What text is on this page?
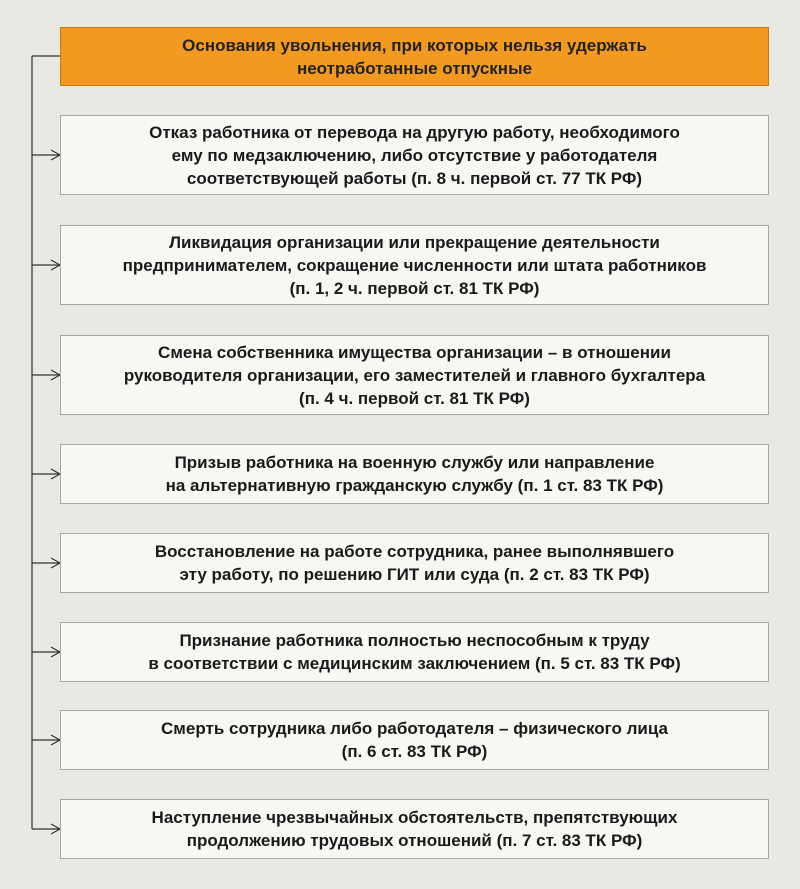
Основания увольнения, при которых нельзя удержать
неотработанные отпускные
Отказ работника от перевода на другую работу, необходимого
ему по медзаключению, либо отсутствие у работодателя
соответствующей работы (п. 8 ч. первой ст. 77 ТК РФ)
Ликвидация организации или прекращение деятельности
предпринимателем, сокращение численности или штата работников
(п. 1, 2 ч. первой ст. 81 ТК РФ)
Смена собственника имущества организации – в отношении
руководителя организации, его заместителей и главного бухгалтера
(п. 4 ч. первой ст. 81 ТК РФ)
Призыв работника на военную службу или направление
на альтернативную гражданскую службу (п. 1 ст. 83 ТК РФ)
Восстановление на работе сотрудника, ранее выполнявшего
эту работу, по решению ГИТ или суда (п. 2 ст. 83 ТК РФ)
Признание работника полностью неспособным к труду
в соответствии с медицинским заключением (п. 5 ст. 83 ТК РФ)
Смерть сотрудника либо работодателя – физического лица
(п. 6 ст. 83 ТК РФ)
Наступление чрезвычайных обстоятельств, препятствующих
продолжению трудовых отношений (п. 7 ст. 83 ТК РФ)
